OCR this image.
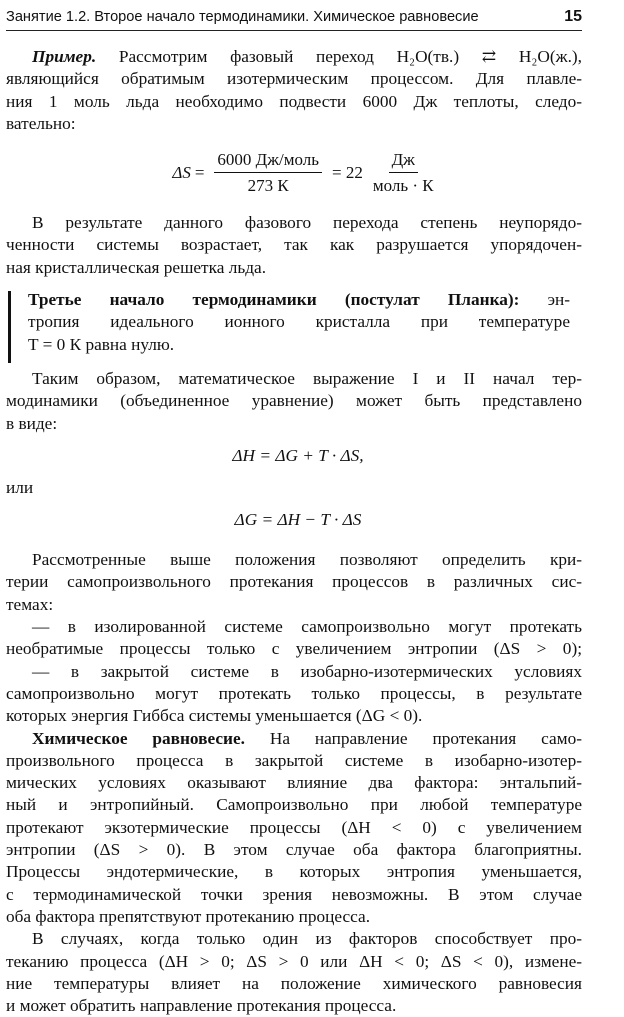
Занятие 1.2. Второе начало термодинамики. Химическое равновесие	15

Пример. Рассмотрим фазовый переход H₂O(тв.) ⇄ H₂O(ж.),

являющийся обратимым изотермическим процессом. Для плавле-

ния 1 моль льда необходимо подвести 6000 Дж теплоты, следо-

вательно:

$\Delta S = \frac{\text{6000 Дж/моль}}{273 К} = 22 \frac{Дж}{\text{моль · К}}$

В результате данного фазового перехода степень неупорядо-

ченности системы возрастает, так как разрушается упорядочен-

ная кристаллическая решетка льда.

Третье начало термодинамики (постулат Планка): эн-

тропия идеального ионного кристалла при температуре

T = 0 К равна нулю.

Таким образом, математическое выражение I и II начал тер-

модинамики (объединенное уравнение) может быть представлено

в виде:

ΔH = ΔG + T · ΔS,

или

ΔG = ΔH − T · ΔS

Рассмотренные выше положения позволяют определить кри-

терии самопроизвольного протекания процессов в различных сис-

темах:

— в изолированной системе самопроизвольно могут протекать

необратимые процессы только с увеличением энтропии (ΔS > 0);

— в закрытой системе в изобарно-изотермических условиях

самопроизвольно могут протекать только процессы, в результате

которых энергия Гиббса системы уменьшается (ΔG < 0).

Химическое равновесие. На направление протекания само-

произвольного процесса в закрытой системе в изобарно-изотер-

мических условиях оказывают влияние два фактора: энтальпий-

ный и энтропийный. Самопроизвольно при любой температуре

протекают экзотермические процессы (ΔH < 0) с увеличением

энтропии (ΔS > 0). В этом случае оба фактора благоприятны.

Процессы эндотермические, в которых энтропия уменьшается,

с термодинамической точки зрения невозможны. В этом случае

оба фактора препятствуют протеканию процесса.

В случаях, когда только один из факторов способствует про-

теканию процесса (ΔH > 0; ΔS > 0 или ΔH < 0; ΔS < 0), измене-

ние температуры влияет на положение химического равновесия

и может обратить направление протекания процесса.
